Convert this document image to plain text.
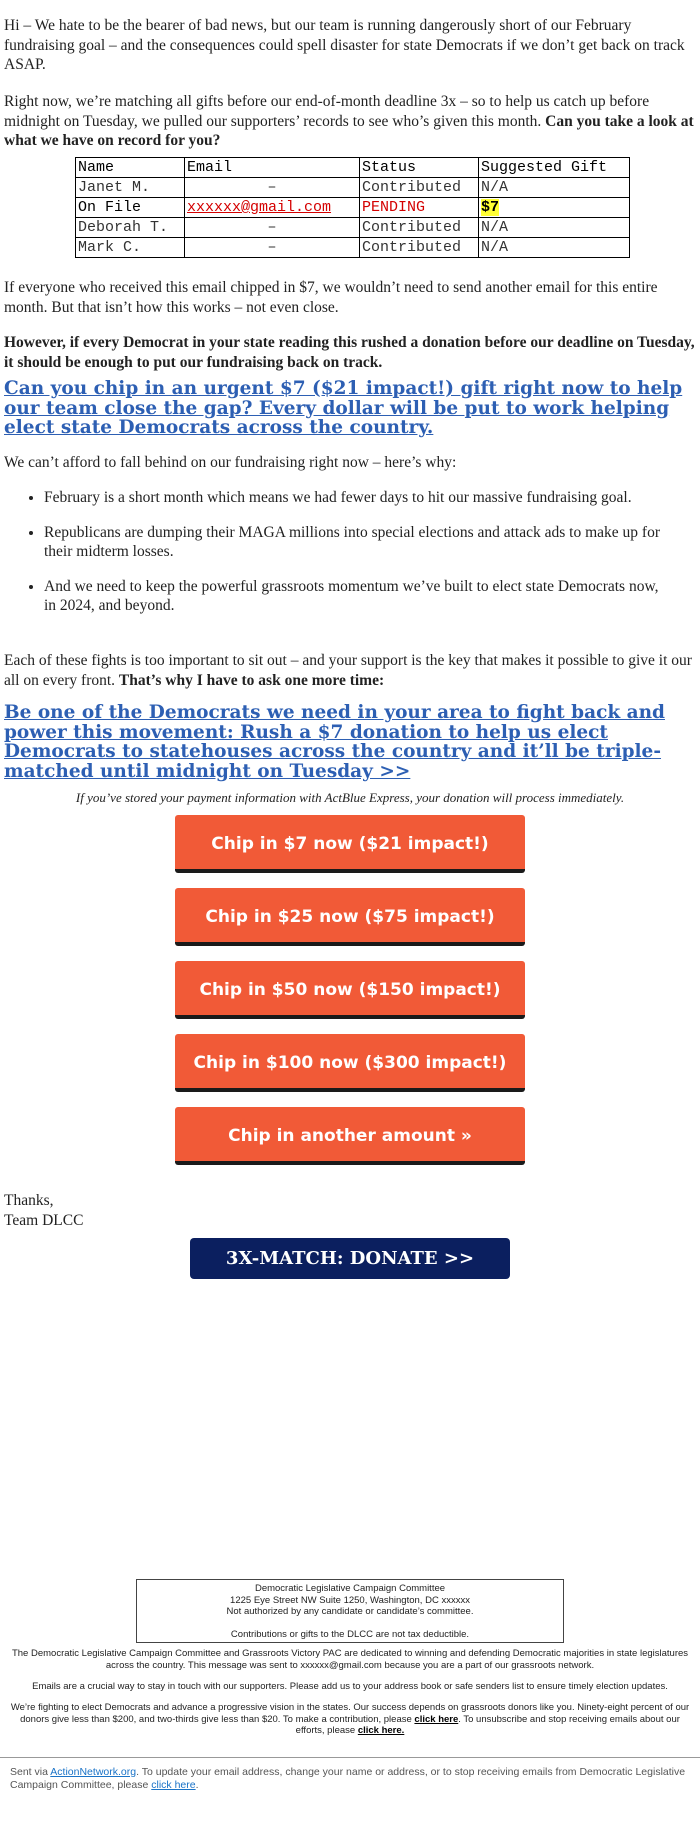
Hi – We hate to be the bearer of bad news, but our team is running dangerously short of our February fundraising goal – and the consequences could spell disaster for state Democrats if we don’t get back on track ASAP.

Right now, we’re matching all gifts before our end-of-month deadline 3x – so to help us catch up before midnight on Tuesday, we pulled our supporters’ records to see who’s given this month. Can you take a look at what we have on record for you?

Name	Email	Status	Suggested Gift
Janet M.	–	Contributed	N/A
On File	xxxxxx@gmail.com	PENDING	$7
Deborah T.	–	Contributed	N/A
Mark C.	–	Contributed	N/A

If everyone who received this email chipped in $7, we wouldn’t need to send another email for this entire month. But that isn’t how this works – not even close.

However, if every Democrat in your state reading this rushed a donation before our deadline on Tuesday, it should be enough to put our fundraising back on track.

Can you chip in an urgent $7 ($21 impact!) gift right now to help our team close the gap? Every dollar will be put to work helping elect state Democrats across the country.

We can’t afford to fall behind on our fundraising right now – here’s why:

• February is a short month which means we had fewer days to hit our massive fundraising goal.
• Republicans are dumping their MAGA millions into special elections and attack ads to make up for their midterm losses.
• And we need to keep the powerful grassroots momentum we’ve built to elect state Democrats now, in 2024, and beyond.

Each of these fights is too important to sit out – and your support is the key that makes it possible to give it our all on every front. That’s why I have to ask one more time:

Be one of the Democrats we need in your area to fight back and power this movement: Rush a $7 donation to help us elect Democrats to statehouses across the country and it’ll be triple-matched until midnight on Tuesday >>
If you’ve stored your payment information with ActBlue Express, your donation will process immediately.
Chip in $7 now ($21 impact!)
Chip in $25 now ($75 impact!)
Chip in $50 now ($150 impact!)
Chip in $100 now ($300 impact!)
Chip in another amount »

Thanks,
Team DLCC

3X-MATCH: DONATE >>
Democratic Legislative Campaign Committee
1225 Eye Street NW Suite 1250, Washington, DC xxxxxx
Not authorized by any candidate or candidate’s committee.
Contributions or gifts to the DLCC are not tax deductible.
The Democratic Legislative Campaign Committee and Grassroots Victory PAC are dedicated to winning and defending Democratic majorities in state legislatures across the country. This message was sent to xxxxxx@gmail.com because you are a part of our grassroots network.
Emails are a crucial way to stay in touch with our supporters. Please add us to your address book or safe senders list to ensure timely election updates.
We’re fighting to elect Democrats and advance a progressive vision in the states. Our success depends on grassroots donors like you. Ninety-eight percent of our donors give less than $200, and two-thirds give less than $20. To make a contribution, please click here. To unsubscribe and stop receiving emails about our efforts, please click here.
Sent via ActionNetwork.org. To update your email address, change your name or address, or to stop receiving emails from Democratic Legislative Campaign Committee, please click here.
